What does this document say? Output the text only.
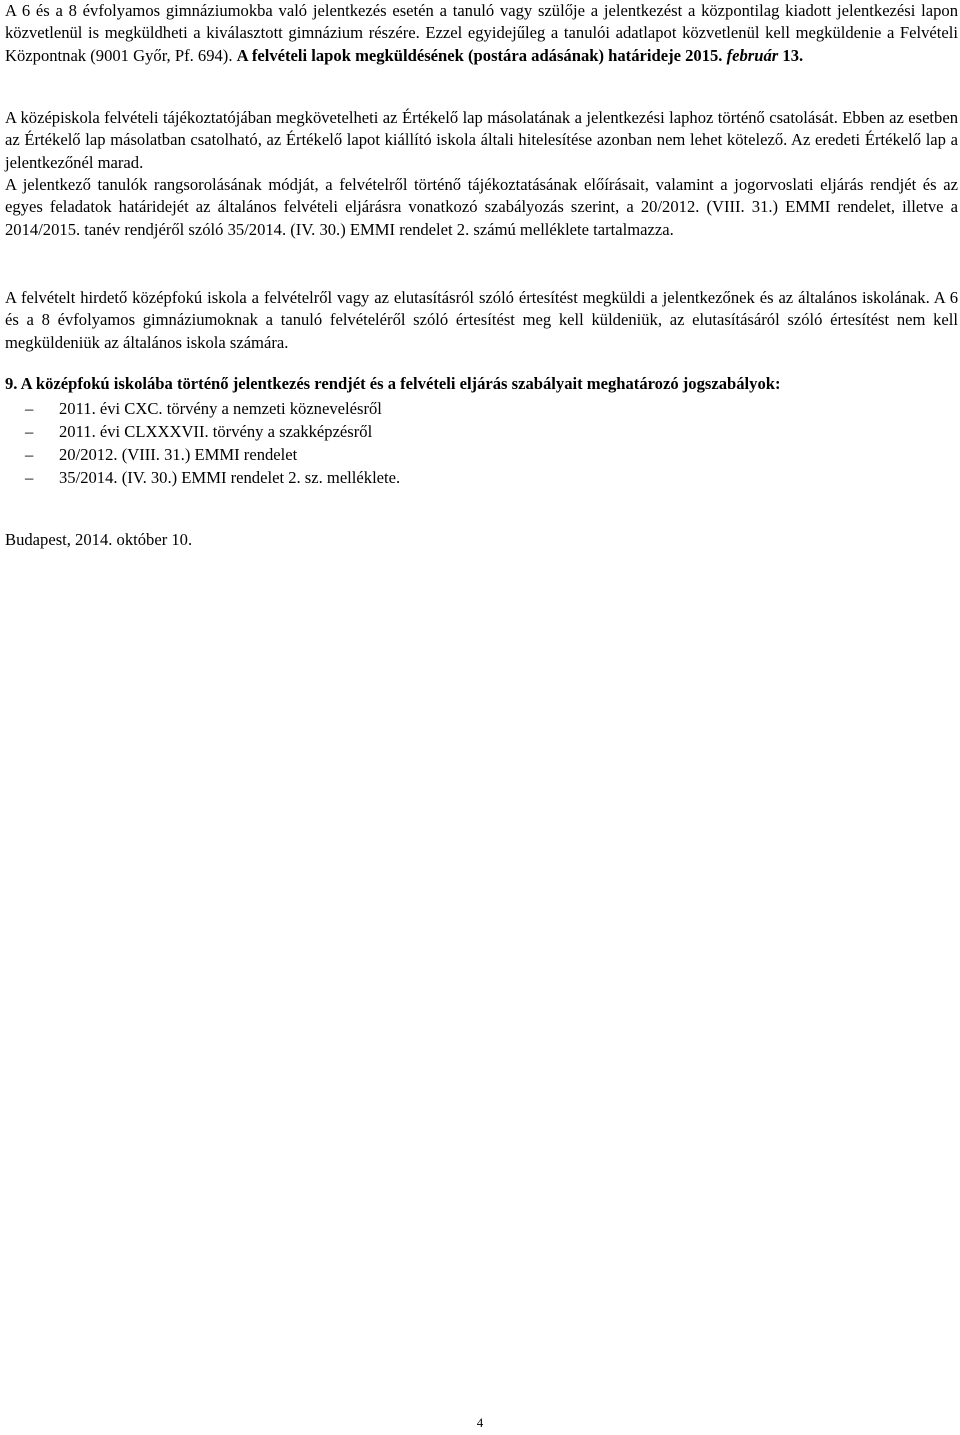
A 6 és a 8 évfolyamos gimnáziumokba való jelentkezés esetén a tanuló vagy szülője a jelentkezést a központilag kiadott jelentkezési lapon közvetlenül is megküldheti a kiválasztott gimnázium részére. Ezzel egyidejűleg a tanulói adatlapot közvetlenül kell megküldenie a Felvételi Központnak (9001 Győr, Pf. 694). A felvételi lapok megküldésének (postára adásának) határideje 2015. február 13.

A középiskola felvételi tájékoztatójában megkövetelheti az Értékelő lap másolatának a jelentkezési laphoz történő csatolását. Ebben az esetben az Értékelő lap másolatban csatolható, az Értékelő lapot kiállító iskola általi hitelesítése azonban nem lehet kötelező. Az eredeti Értékelő lap a jelentkezőnél marad.

A jelentkező tanulók rangsorolásának módját, a felvételről történő tájékoztatásának előírásait, valamint a jogorvoslati eljárás rendjét és az egyes feladatok határidejét az általános felvételi eljárásra vonatkozó szabályozás szerint, a 20/2012. (VIII. 31.) EMMI rendelet, illetve a 2014/2015. tanév rendjéről szóló 35/2014. (IV. 30.) EMMI rendelet 2. számú melléklete tartalmazza.

A felvételt hirdető középfokú iskola a felvételről vagy az elutasításról szóló értesítést megküldi a jelentkezőnek és az általános iskolának. A 6 és a 8 évfolyamos gimnáziumoknak a tanuló felvételéről szóló értesítést meg kell küldeniük, az elutasításáról szóló értesítést nem kell megküldeniük az általános iskola számára.

9. A középfokú iskolába történő jelentkezés rendjét és a felvételi eljárás szabályait meghatározó jogszabályok:

–	2011. évi CXC. törvény a nemzeti köznevelésről
–	2011. évi CLXXXVII. törvény a szakképzésről
–	20/2012. (VIII. 31.) EMMI rendelet
–	35/2014. (IV. 30.) EMMI rendelet 2. sz. melléklete.

Budapest, 2014. október 10.

4
